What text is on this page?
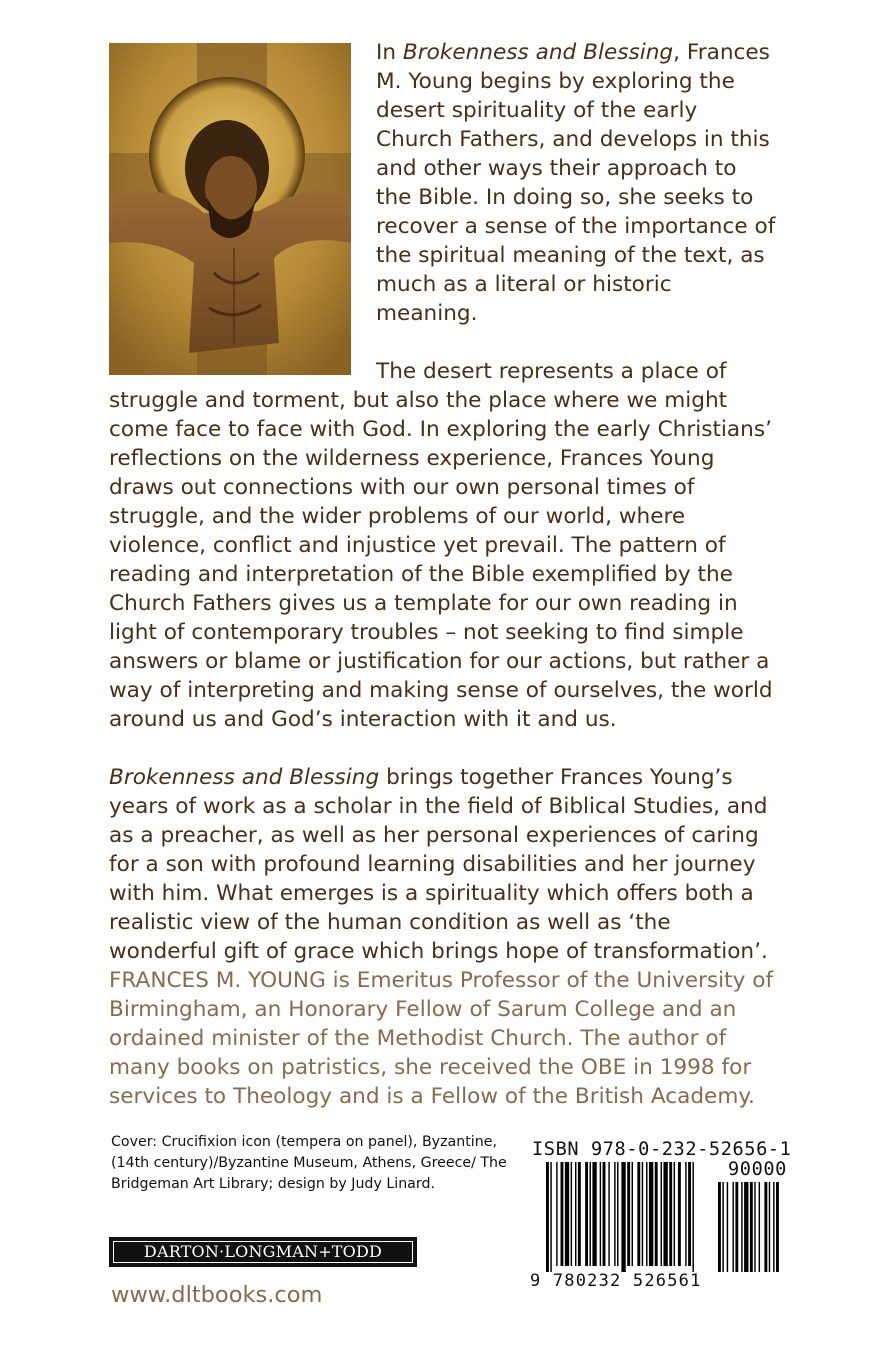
In Brokenness and Blessing, Frances M. Young begins by exploring the desert spirituality of the early Church Fathers, and develops in this and other ways their approach to the Bible. In doing so, she seeks to recover a sense of the importance of the spiritual meaning of the text, as much as a literal or historic meaning.

The desert represents a place of struggle and torment, but also the place where we might come face to face with God. In exploring the early Christians’ reflections on the wilderness experience, Frances Young draws out connections with our own personal times of struggle, and the wider problems of our world, where violence, conflict and injustice yet prevail. The pattern of reading and interpretation of the Bible exemplified by the Church Fathers gives us a template for our own reading in light of contemporary troubles – not seeking to find simple answers or blame or justification for our actions, but rather a way of interpreting and making sense of ourselves, the world around us and God’s interaction with it and us.

Brokenness and Blessing brings together Frances Young’s years of work as a scholar in the field of Biblical Studies, and as a preacher, as well as her personal experiences of caring for a son with profound learning disabilities and her journey with him. What emerges is a spirituality which offers both a realistic view of the human condition as well as ‘the wonderful gift of grace which brings hope of transformation’.

FRANCES M. YOUNG is Emeritus Professor of the University of Birmingham, an Honorary Fellow of Sarum College and an ordained minister of the Methodist Church. The author of many books on patristics, she received the OBE in 1998 for services to Theology and is a Fellow of the British Academy.

Cover: Crucifixion icon (tempera on panel), Byzantine, (14th century)/Byzantine Museum, Athens, Greece/ The Bridgeman Art Library; design by Judy Linard.

DARTON·LONGMAN+TODD
www.dltbooks.com
ISBN 978-0-232-52656-1
90000
9 780232 526561
